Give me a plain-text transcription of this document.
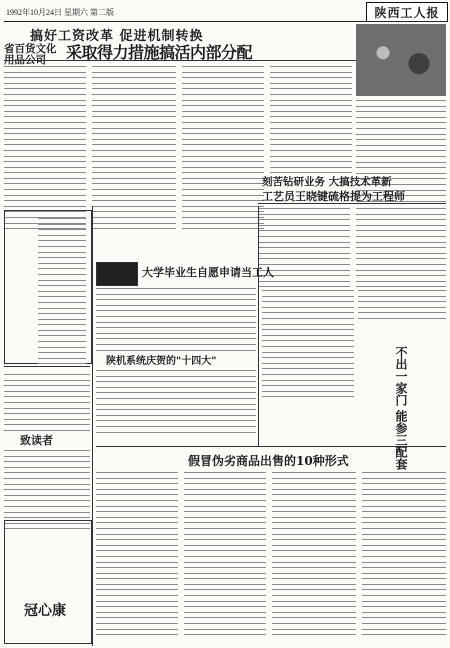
1992年10月24日 星期六 第二版	陕西工人报
搞好工资改革 促进机制转换
省百货文化
用品公司	采取得力措施搞活内部分配
刻苦钻研业务 大搞技术革新
工艺员王晓键硫格提为工程师
大学毕业生自愿申请当工人
陕机系统庆贺的"十四大"	不出一家门 能参三配套
致读者
冠心康
假冒伪劣商品出售的10种形式
